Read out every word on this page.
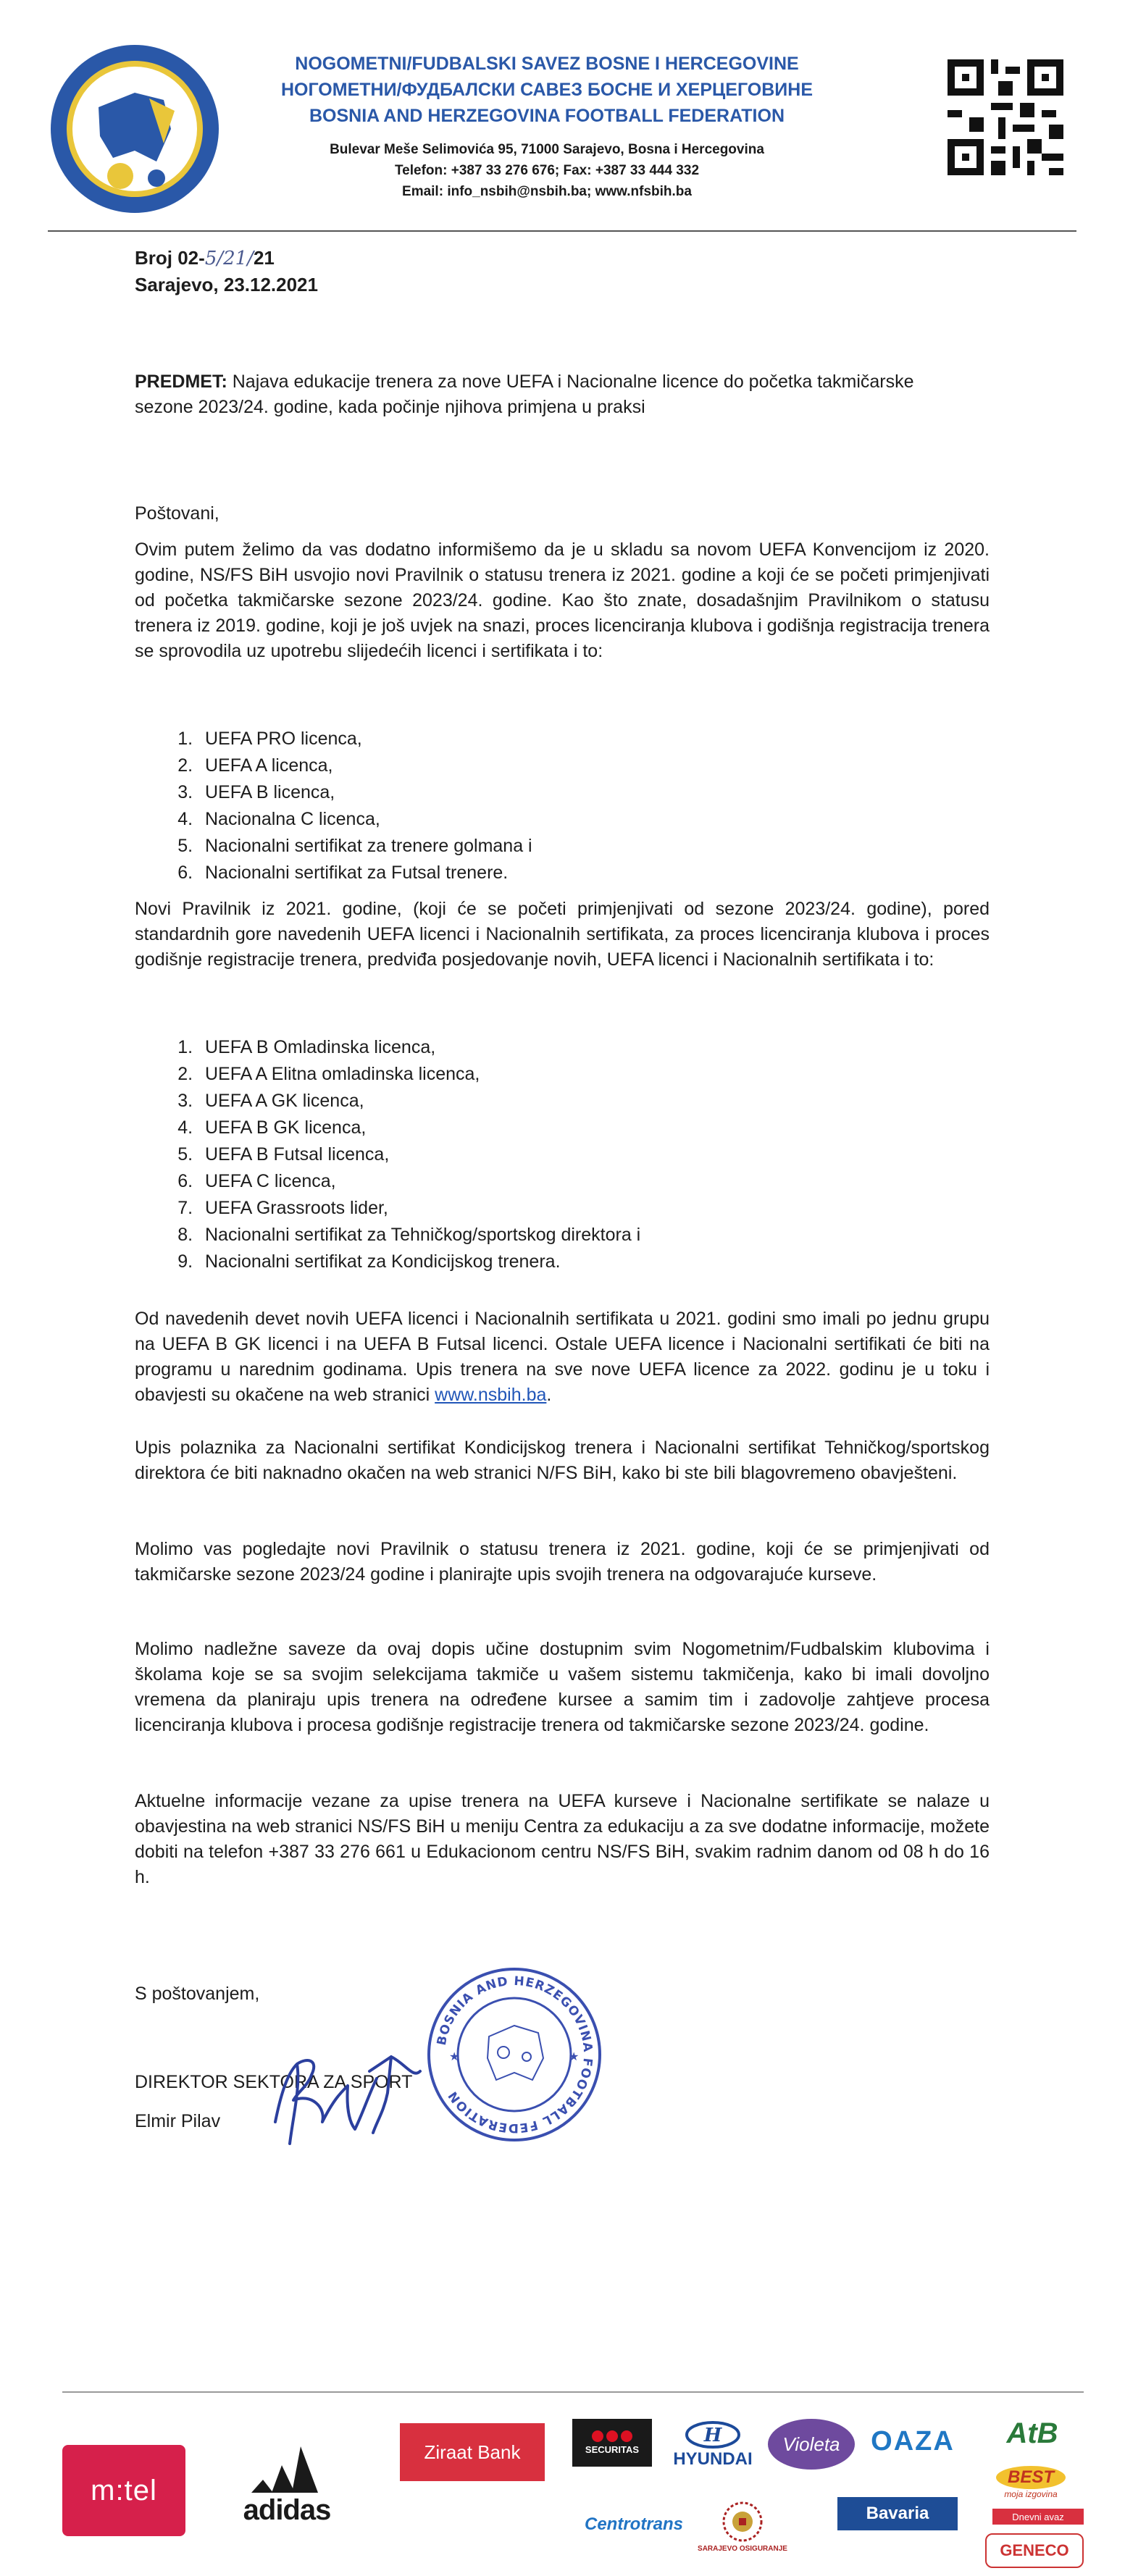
NOGOMETNI/FUDBALSKI SAVEZ BOSNE I HERCEGOVINE

НОГОМЕТНИ/ФУДБАЛСКИ САВЕЗ БОСНЕ И ХЕРЦЕГОВИНЕ

BOSNIA AND HERZEGOVINA FOOTBALL FEDERATION

Bulevar Meše Selimovića 95, 71000 Sarajevo, Bosna i Hercegovina

Telefon: +387 33 276 676; Fax: +387 33 444 332

Email: info_nsbih@nsbih.ba; www.nfsbih.ba

Broj 02-5/21/21
Sarajevo, 23.12.2021

PREDMET: Najava edukacije trenera za nove UEFA i Nacionalne licence do početka takmičarske sezone 2023/24. godine, kada počinje njihova primjena u praksi

Poštovani,

Ovim putem želimo da vas dodatno informišemo da je u skladu sa novom UEFA Konvencijom iz 2020. godine, NS/FS BiH usvojio novi Pravilnik o statusu trenera iz 2021. godine a koji će se početi primjenjivati od početka takmičarske sezone 2023/24. godine. Kao što znate, dosadašnjim Pravilnikom o statusu trenera iz 2019. godine, koji je još uvjek na snazi, proces licenciranja klubova i godišnja registracija trenera se sprovodila uz upotrebu slijedećih licenci i sertifikata i to:

1. UEFA PRO licenca,
2. UEFA A licenca,
3. UEFA B licenca,
4. Nacionalna C licenca,
5. Nacionalni sertifikat za trenere golmana i
6. Nacionalni sertifikat za Futsal trenere.

Novi Pravilnik iz 2021. godine, (koji će se početi primjenjivati od sezone 2023/24. godine), pored standardnih gore navedenih UEFA licenci i Nacionalnih sertifikata, za proces licenciranja klubova i proces godišnje registracije trenera, predviđa posjedovanje novih, UEFA licenci i Nacionalnih sertifikata i to:

1. UEFA B Omladinska licenca,
2. UEFA A Elitna omladinska licenca,
3. UEFA A GK licenca,
4. UEFA B GK licenca,
5. UEFA B Futsal licenca,
6. UEFA C licenca,
7. UEFA Grassroots lider,
8. Nacionalni sertifikat za Tehničkog/sportskog direktora i
9. Nacionalni sertifikat za Kondicijskog trenera.

Od navedenih devet novih UEFA licenci i Nacionalnih sertifikata u 2021. godini smo imali po jednu grupu na UEFA B GK licenci i na UEFA B Futsal licenci. Ostale UEFA licence i Nacionalni sertifikati će biti na programu u narednim godinama. Upis trenera na sve nove UEFA licence za 2022. godinu je u toku i obavjesti su okačene na web stranici www.nsbih.ba.

Upis polaznika za Nacionalni sertifikat Kondicijskog trenera i Nacionalni sertifikat Tehničkog/sportskog direktora će biti naknadno okačen na web stranici N/FS BiH, kako bi ste bili blagovremeno obavješteni.

Molimo vas pogledajte novi Pravilnik o statusu trenera iz 2021. godine, koji će se primjenjivati od takmičarske sezone 2023/24 godine i planirajte upis svojih trenera na odgovarajuće kurseve.

Molimo nadležne saveze da ovaj dopis učine dostupnim svim Nogometnim/Fudbalskim klubovima i školama koje se sa svojim selekcijama takmiče u vašem sistemu takmičenja, kako bi imali dovoljno vremena da planiraju upis trenera na određene kursee a samim tim i zadovolje zahtjeve procesa licenciranja klubova i procesa godišnje registracije trenera od takmičarske sezone 2023/24. godine.

Aktuelne informacije vezane za upise trenera na UEFA kurseve i Nacionalne sertifikate se nalaze u obavjestina na web stranici NS/FS BiH u meniju Centra za edukaciju a za sve dodatne informacije, možete dobiti na telefon +387 33 276 661 u Edukacionom centru NS/FS BiH, svakim radnim danom od 08 h do 16 h.

S poštovanjem,

DIREKTOR SEKTORA ZA SPORT

Elmir Pilav

BOSNIA AND HERZEGOVINA FOOTBALL FEDERATION
★	★
m:tel
adidas
Ziraat Bank	SECURITAS
H
HYUNDAI
Violeta	OAZA
Centrotrans
SARAJEVO OSIGURANJE
Bavaria
AtB
BEST
moja izgovina
Dnevni avaz
GENECO
